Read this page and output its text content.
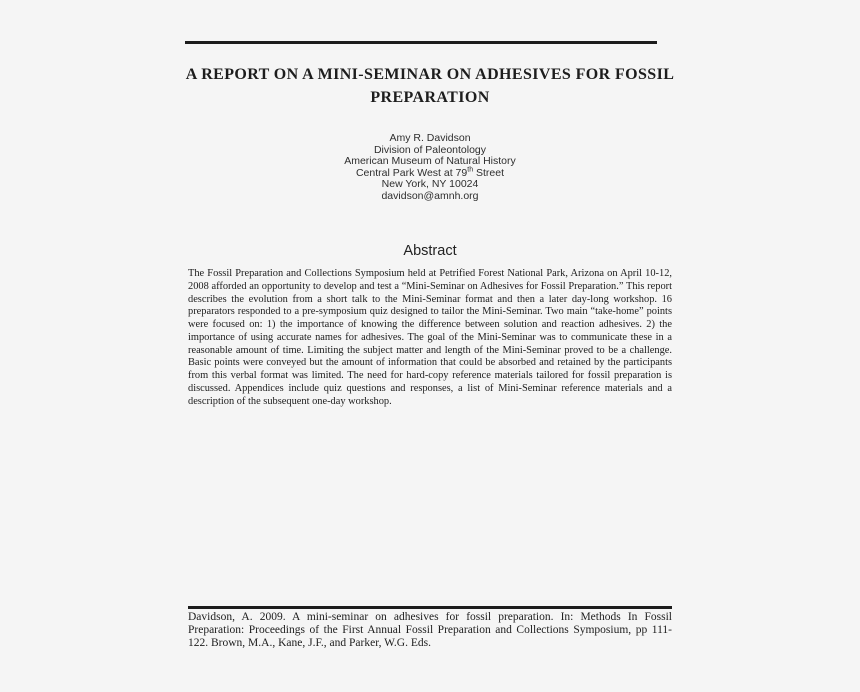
A REPORT ON A MINI-SEMINAR ON ADHESIVES FOR FOSSIL
PREPARATION
Amy R. Davidson
Division of Paleontology
American Museum of Natural History
Central Park West at 79th Street
New York, NY 10024
davidson@amnh.org
Abstract
The Fossil Preparation and Collections Symposium held at Petrified Forest National Park, Arizona on April 10-12, 2008 afforded an opportunity to develop and test a “Mini-Seminar on Adhesives for Fossil Preparation.” This report describes the evolution from a short talk to the Mini-Seminar format and then a later day-long workshop. 16 preparators responded to a pre-symposium quiz designed to tailor the Mini-Seminar. Two main “take-home” points were focused on: 1) the importance of knowing the difference between solution and reaction adhesives. 2) the importance of using accurate names for adhesives. The goal of the Mini-Seminar was to communicate these in a reasonable amount of time. Limiting the subject matter and length of the Mini-Seminar proved to be a challenge. Basic points were conveyed but the amount of information that could be absorbed and retained by the participants from this verbal format was limited. The need for hard-copy reference materials tailored for fossil preparation is discussed. Appendices include quiz questions and responses, a list of Mini-Seminar reference materials and a description of the subsequent one-day workshop.
Davidson, A. 2009. A mini-seminar on adhesives for fossil preparation. In: Methods In Fossil Preparation: Proceedings of the First Annual Fossil Preparation and Collections Symposium, pp 111-122. Brown, M.A., Kane, J.F., and Parker, W.G. Eds.
